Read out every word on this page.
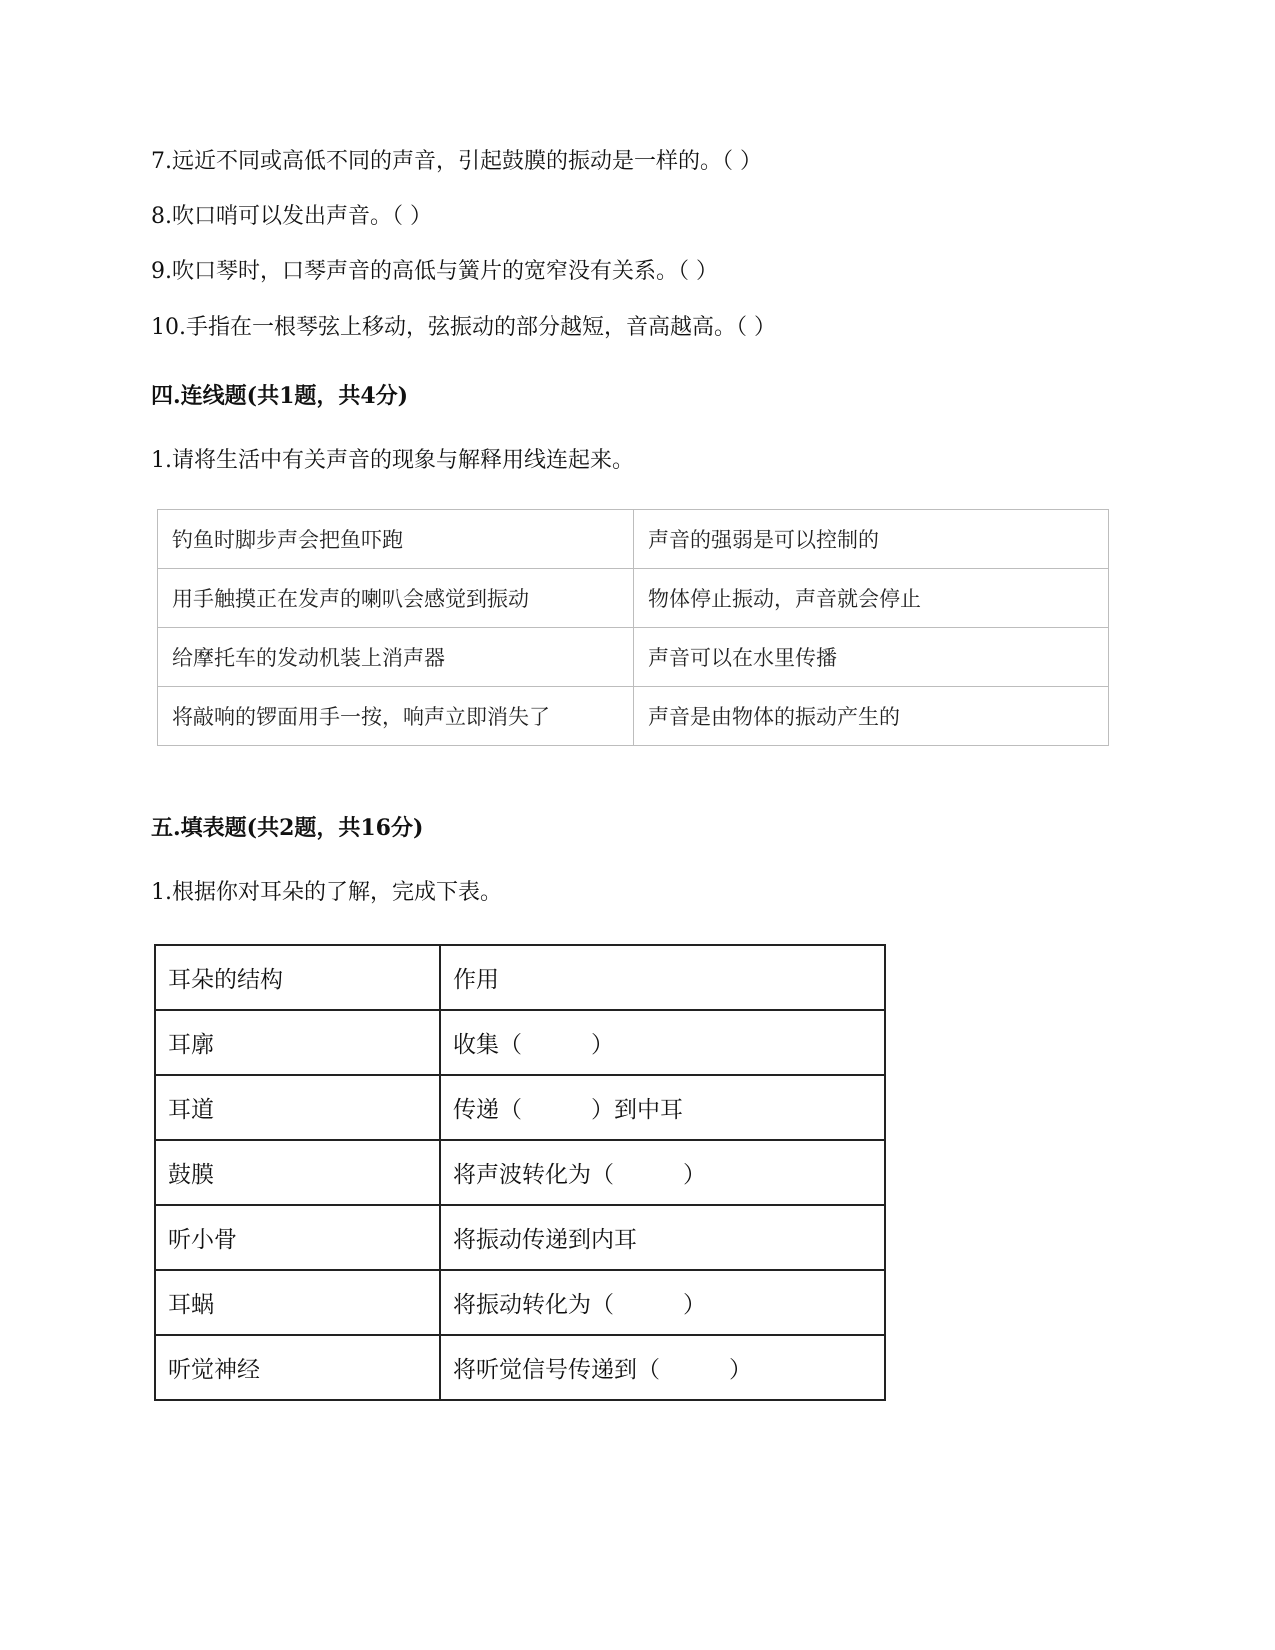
7.远近不同或高低不同的声音，引起鼓膜的振动是一样的。（ ）

8.吹口哨可以发出声音。（ ）

9.吹口琴时，口琴声音的高低与簧片的宽窄没有关系。（ ）

10.手指在一根琴弦上移动，弦振动的部分越短，音高越高。（ ）

四.连线题(共1题，共4分)

1.请将生活中有关声音的现象与解释用线连起来。

钓鱼时脚步声会把鱼吓跑	声音的强弱是可以控制的
用手触摸正在发声的喇叭会感觉到振动	物体停止振动，声音就会停止
给摩托车的发动机装上消声器	声音可以在水里传播
将敲响的锣面用手一按，响声立即消失了	声音是由物体的振动产生的

五.填表题(共2题，共16分)

1.根据你对耳朵的了解，完成下表。

耳朵的结构	作用
耳廓	收集（　　　）
耳道	传递（　　　）到中耳
鼓膜	将声波转化为（　　　）
听小骨	将振动传递到内耳
耳蜗	将振动转化为（　　　）
听觉神经	将听觉信号传递到（　　　）
